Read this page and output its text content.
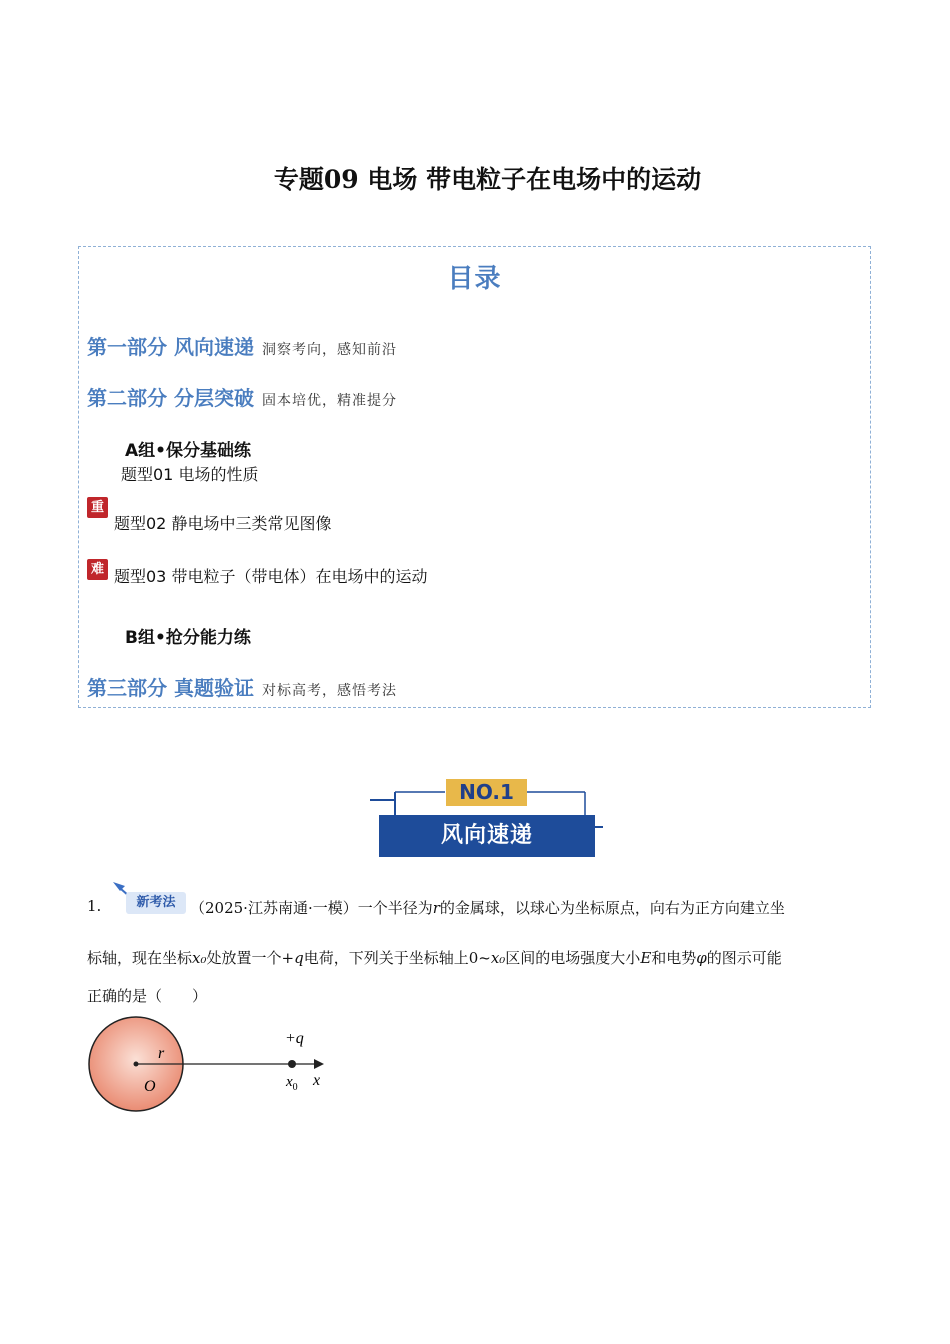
专题09 电场 带电粒子在电场中的运动
目录
第一部分 风向速递 洞察考向，感知前沿
第二部分 分层突破 固本培优，精准提分
A组•保分基础练
题型01 电场的性质
重
题型02 静电场中三类常见图像
难 题型03 带电粒子（带电体）在电场中的运动
B组•抢分能力练
第三部分 真题验证 对标高考，感悟考法
NO.1
风向速递
1.	新考法 （2025·江苏南通·一模）一个半径为r的金属球，以球心为坐标原点，向右为正方向建立坐
标轴，现在坐标x₀处放置一个+q电荷，下列关于坐标轴上0~x₀区间的电场强度大小E和电势φ的图示可能
正确的是（　　）
r
O
+q
$x_0$ x
